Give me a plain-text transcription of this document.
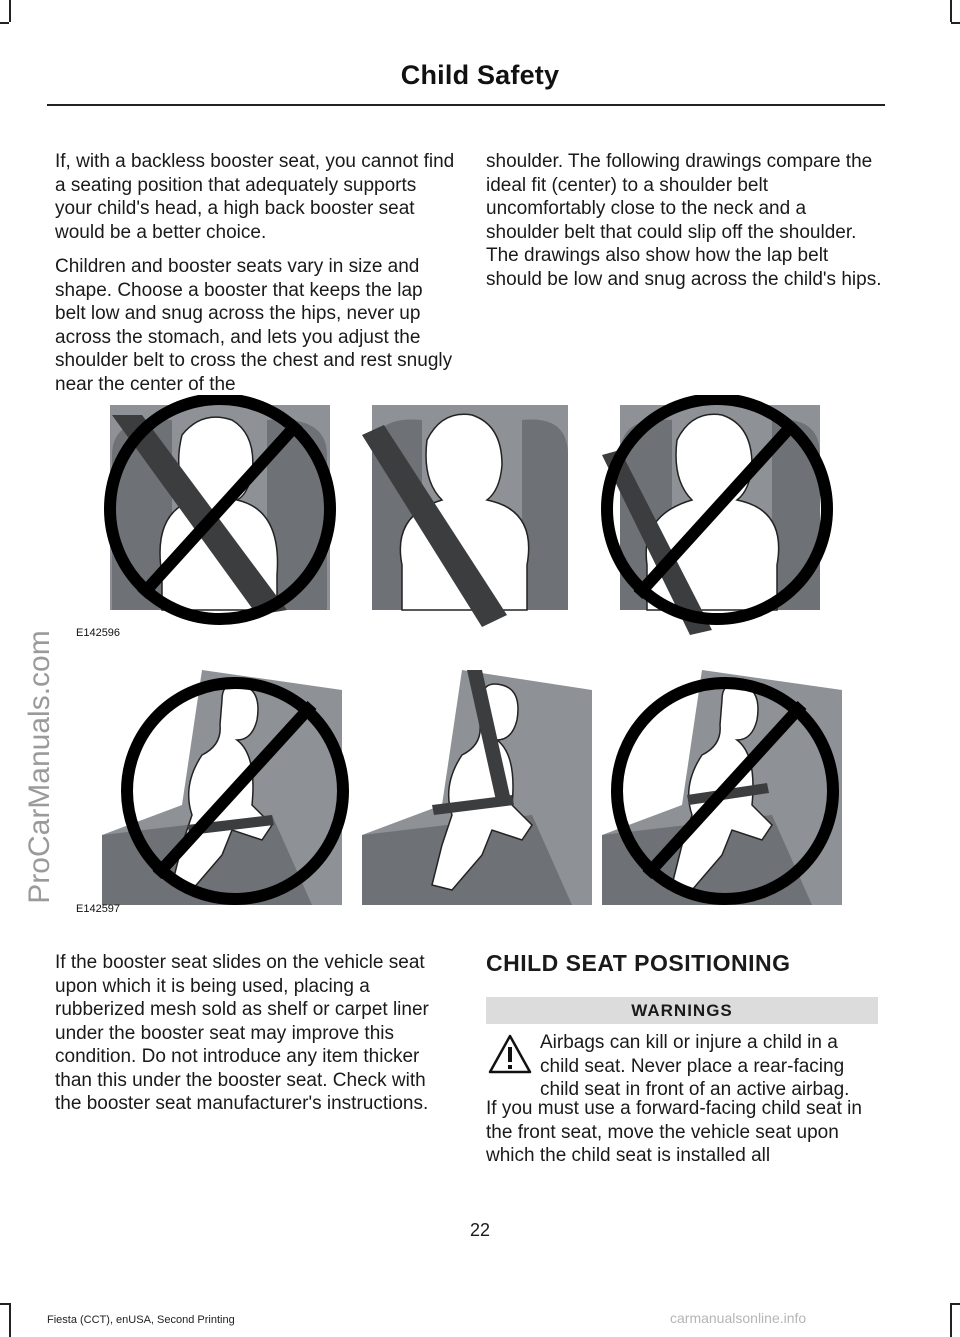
Child Safety
ProCarManuals.com

If, with a backless booster seat, you cannot find a seating position that adequately supports your child's head, a high back booster seat would be a better choice.

Children and booster seats vary in size and shape. Choose a booster that keeps the lap belt low and snug across the hips, never up across the stomach, and lets you adjust the shoulder belt to cross the chest and rest snugly near the center of the

shoulder. The following drawings compare the ideal fit (center) to a shoulder belt uncomfortably close to the neck and a shoulder belt that could slip off the shoulder. The drawings also show how the lap belt should be low and snug across the child's hips.

E142596
E142597

If the booster seat slides on the vehicle seat upon which it is being used, placing a rubberized mesh sold as shelf or carpet liner under the booster seat may improve this condition. Do not introduce any item thicker than this under the booster seat. Check with the booster seat manufacturer's instructions.

CHILD SEAT POSITIONING
WARNINGS
Airbags can kill or injure a child in a child seat. Never place a rear-facing child seat in front of an active airbag.
If you must use a forward-facing child seat in the front seat, move the vehicle seat upon which the child seat is installed all
22
Fiesta (CCT), enUSA, Second Printing	carmanualsonline.info
